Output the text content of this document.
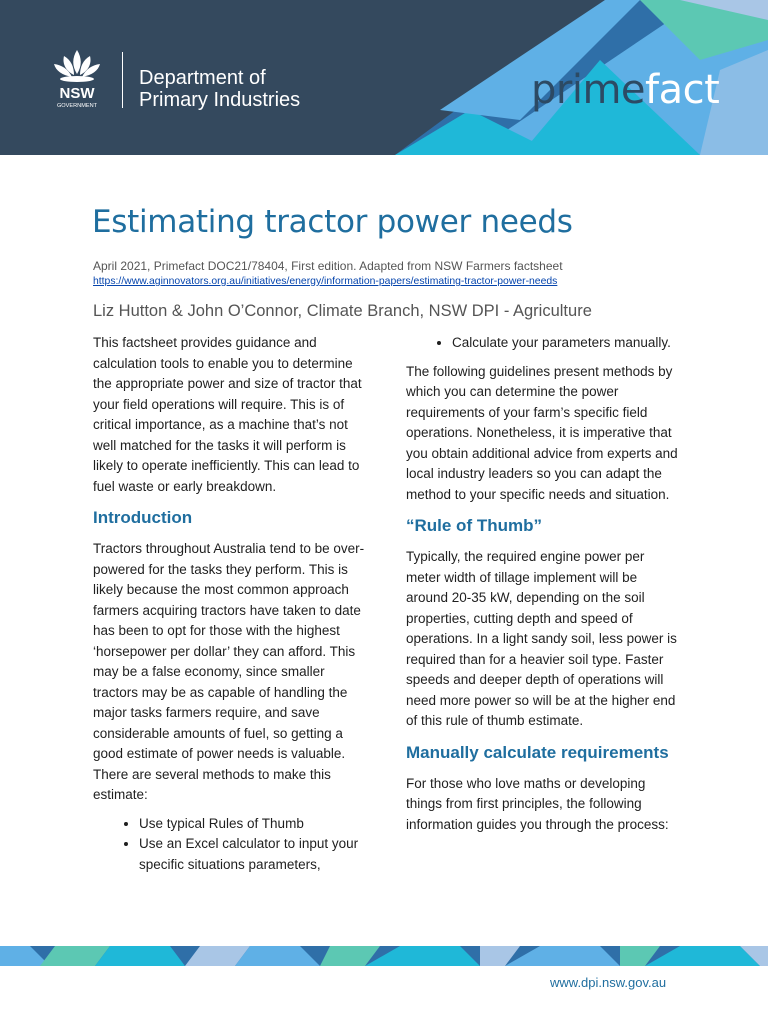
NSW
GOVERNMENT
Department of
Primary Industries	primefact
Estimating tractor power needs
April 2021, Primefact DOC21/78404, First edition. Adapted from NSW Farmers factsheet
https://www.aginnovators.org.au/initiatives/energy/information-papers/estimating-tractor-power-needs
Liz Hutton & John O’Connor, Climate Branch, NSW DPI - Agriculture

This factsheet provides guidance and calculation tools to enable you to determine the appropriate power and size of tractor that your field operations will require. This is of critical importance, as a machine that’s not well matched for the tasks it will perform is likely to operate inefficiently. This can lead to fuel waste or early breakdown.

Introduction

Tractors throughout Australia tend to be over-powered for the tasks they perform. This is likely because the most common approach farmers acquiring tractors have taken to date has been to opt for those with the highest ‘horsepower per dollar’ they can afford. This may be a false economy, since smaller tractors may be as capable of handling the major tasks farmers require, and save considerable amounts of fuel, so getting a good estimate of power needs is valuable. There are several methods to make this estimate:

• Use typical Rules of Thumb
• Use an Excel calculator to input your specific situations parameters,
• Calculate your parameters manually.

The following guidelines present methods by which you can determine the power requirements of your farm’s specific field operations. Nonetheless, it is imperative that you obtain additional advice from experts and local industry leaders so you can adapt the method to your specific needs and situation.

“Rule of Thumb”

Typically, the required engine power per meter width of tillage implement will be around 20-35 kW, depending on the soil properties, cutting depth and speed of operations. In a light sandy soil, less power is required than for a heavier soil type. Faster speeds and deeper depth of operations will need more power so will be at the higher end of this rule of thumb estimate.

Manually calculate requirements

For those who love maths or developing things from first principles, the following information guides you through the process:

www.dpi.nsw.gov.au
